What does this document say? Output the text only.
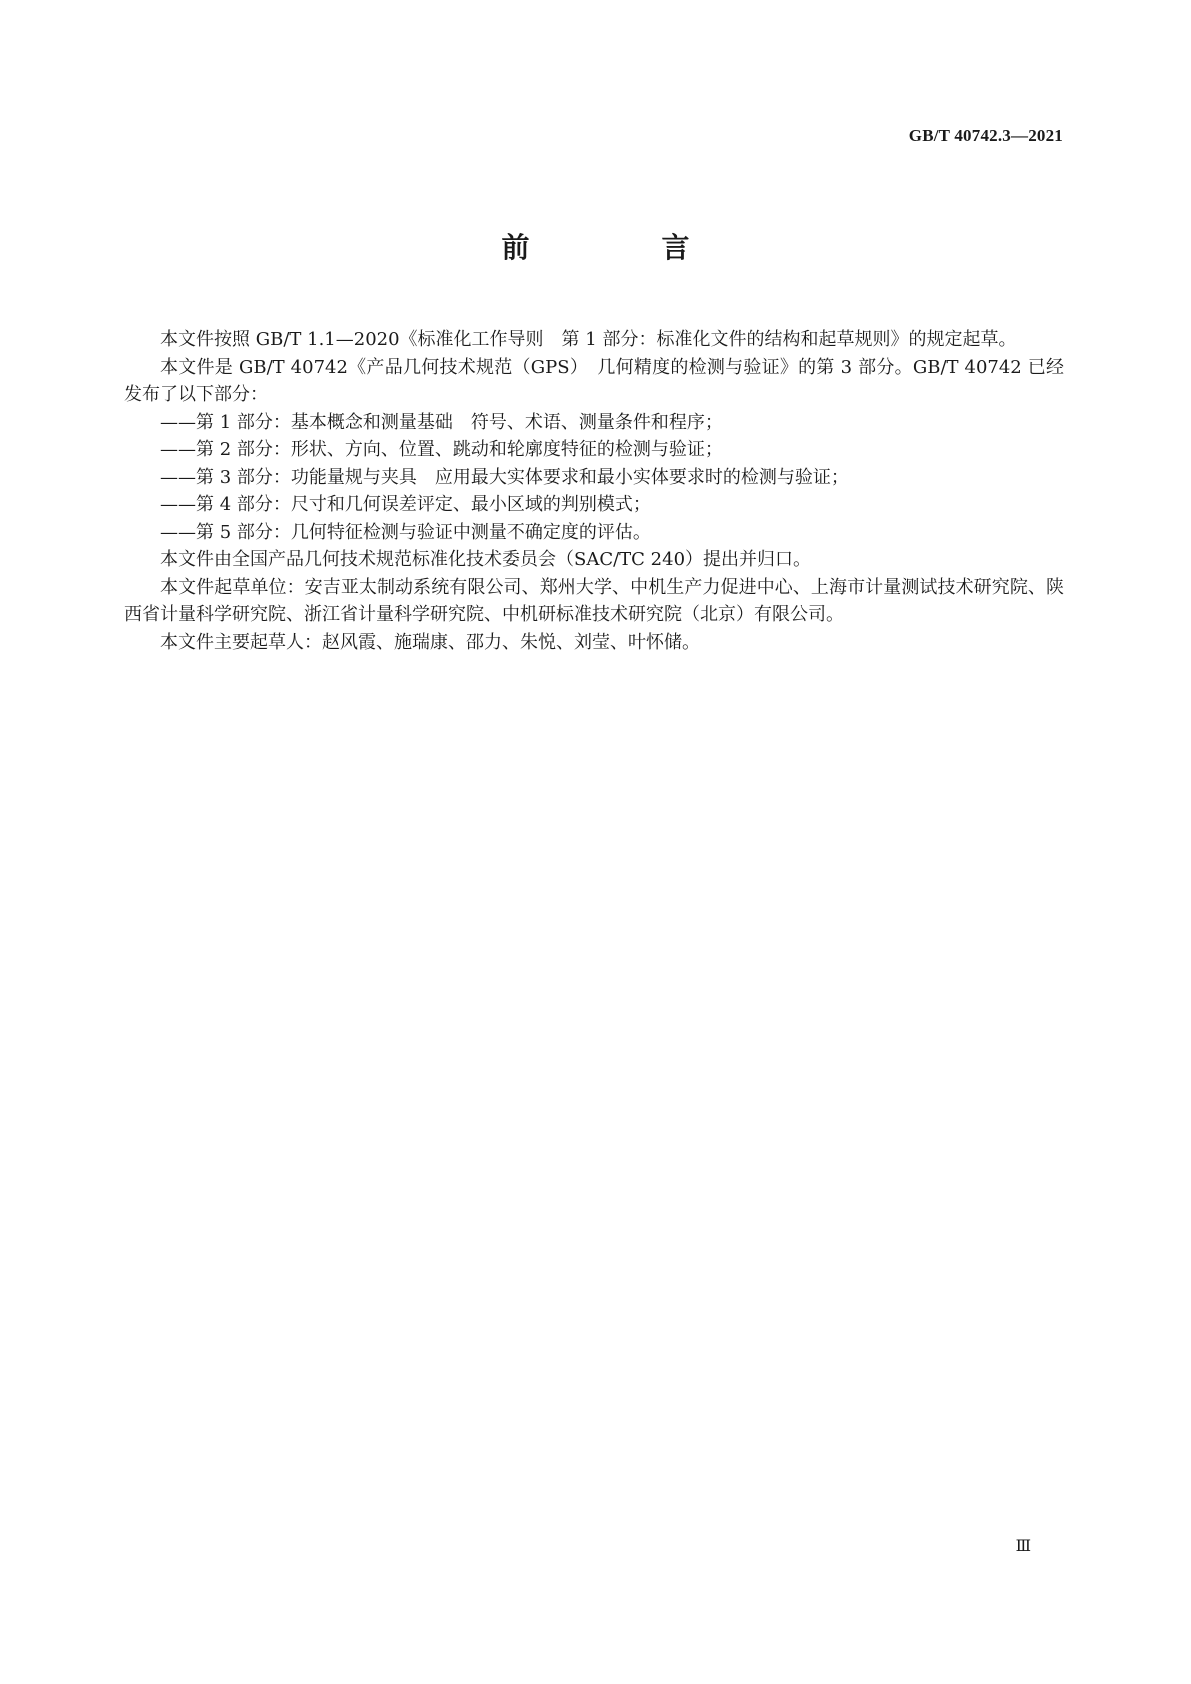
GB/T 40742.3—2021
前　言

本文件按照 GB/T 1.1—2020《标准化工作导则　第 1 部分：标准化文件的结构和起草规则》的规定起草。

本文件是 GB/T 40742《产品几何技术规范（GPS）　几何精度的检测与验证》的第 3 部分。GB/T 40742 已经发布了以下部分：

——第 1 部分：基本概念和测量基础　符号、术语、测量条件和程序；

——第 2 部分：形状、方向、位置、跳动和轮廓度特征的检测与验证；

——第 3 部分：功能量规与夹具　应用最大实体要求和最小实体要求时的检测与验证；

——第 4 部分：尺寸和几何误差评定、最小区域的判别模式；

——第 5 部分：几何特征检测与验证中测量不确定度的评估。

本文件由全国产品几何技术规范标准化技术委员会（SAC/TC 240）提出并归口。

本文件起草单位：安吉亚太制动系统有限公司、郑州大学、中机生产力促进中心、上海市计量测试技术研究院、陕西省计量科学研究院、浙江省计量科学研究院、中机研标准技术研究院（北京）有限公司。

本文件主要起草人：赵风霞、施瑞康、邵力、朱悦、刘莹、叶怀储。

Ⅲ
